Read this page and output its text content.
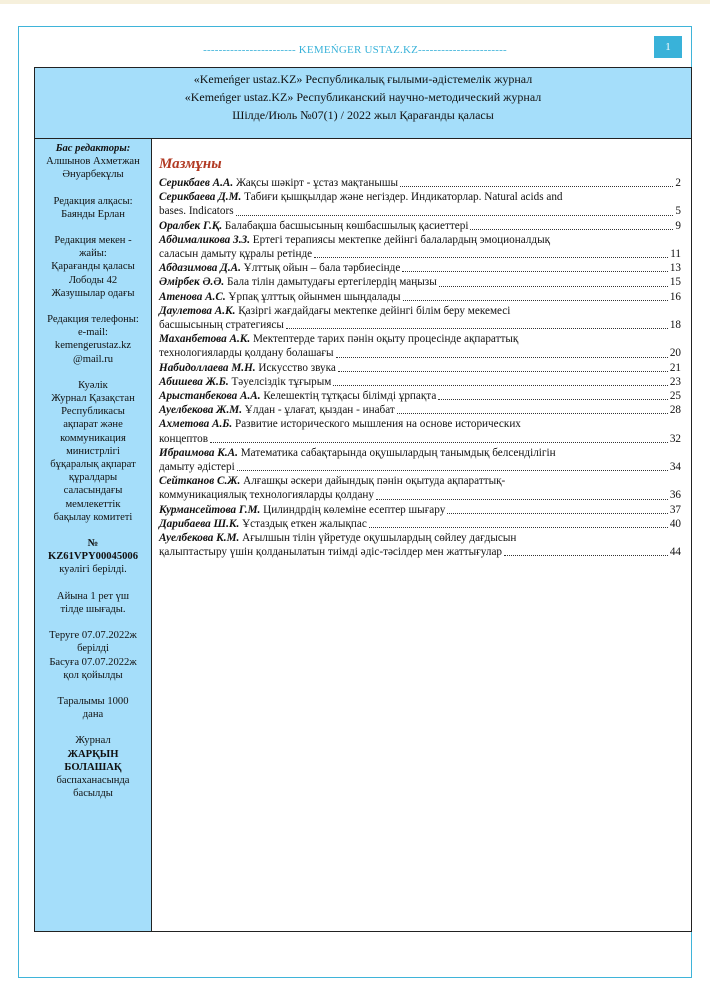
1
------------------------ KEMEŃGER USTAZ.KZ-----------------------
«Kemeńger ustaz.KZ» Республикалық ғылыми-әдістемелік журнал
«Kemeńger ustaz.KZ» Республиканский научно-методический журнал
Шілде/Июль №07(1) / 2022 жыл Қарағанды қаласы
Бас редакторы:
Алшынов Ахметжан
Әнуарбекұлы
Редакция алқасы:
Баянды Ерлан
Редакция мекен -
жайы:
Қарағанды қаласы
Лободы 42
Жазушылар одағы
Редакция телефоны:
e-mail:
kemengerustaz.kz
@mail.ru
Куәлік
Журнал Қазақстан
Республикасы
ақпарат және
коммуникация
министрлігі
бұқаралық ақпарат
құралдары
саласындағы
мемлекеттік
бақылау комитеті
№
KZ61VPY00045006
куәлігі берілді.
Айына 1 рет үш
тілде шығады.
Теруге 07.07.2022ж
берілді
Басуға 07.07.2022ж
қол қойылды
Таралымы 1000
дана
Журнал
ЖАРҚЫН
БОЛАШАҚ
баспаханасында
басылды
Мазмұны
Серикбаев А.А. Жақсы шәкірт - ұстаз мақтанышы	2
Серикбаева Д.М. Табиғи қышқылдар және негіздер. Индикаторлар. Natural acids and
bases. Indicators	5
Оралбек Г.Қ. Балабақша басшысының көшбасшылық қасиеттері	9
Абдималикова З.З. Ертегі терапиясы мектепке дейінгі балалардың эмоционалдық
саласын дамыту құралы ретінде	11
Абдазимова Д.А. Ұлттық ойын – бала тәрбиесінде	13
Әмірбек Ә.Ә. Бала тілін дамытудағы ертегілердің маңызы	15
Атенова А.С. Ұрпақ ұлттық ойынмен шыңдалады	16
Даулетова А.К. Қазіргі жағдайдағы мектепке дейінгі білім беру мекемесі
басшысының стратегиясы	18
Маханбетова А.К. Мектептерде тарих пәнін оқыту процесінде ақпараттық
технологияларды қолдану болашағы	20
Набидоллаева М.Н. Искусство звука	21
Абишева Ж.Б. Тәуелсіздік тұғырым	23
Арыстанбекова А.А. Келешектің тұтқасы білімді ұрпақта	25
Ауелбекова Ж.М. Ұлдан - ұлағат, қыздан - инабат	28
Ахметова А.Б. Развитие исторического мышления на основе исторических
концептов	32
Ибраимова К.А. Математика сабақтарында оқушылардың танымдық белсенділігін
дамыту әдістері	34
Сейтканов С.Ж. Алғашқы әскери дайындық пәнін оқытуда ақпараттық-
коммуникациялық технологияларды қолдану	36
Курмансейтова Г.М. Цилиндрдің көлеміне есептер шығару	37
Дарибаева Ш.К. Ұстаздық еткен жалықпас	40
Ауелбекова К.М. Ағылшын тілін үйретуде оқушылардың сөйлеу дағдысын
қалыптастыру үшін қолданылатын тиімді әдіс-тәсілдер мен жаттығулар	44
